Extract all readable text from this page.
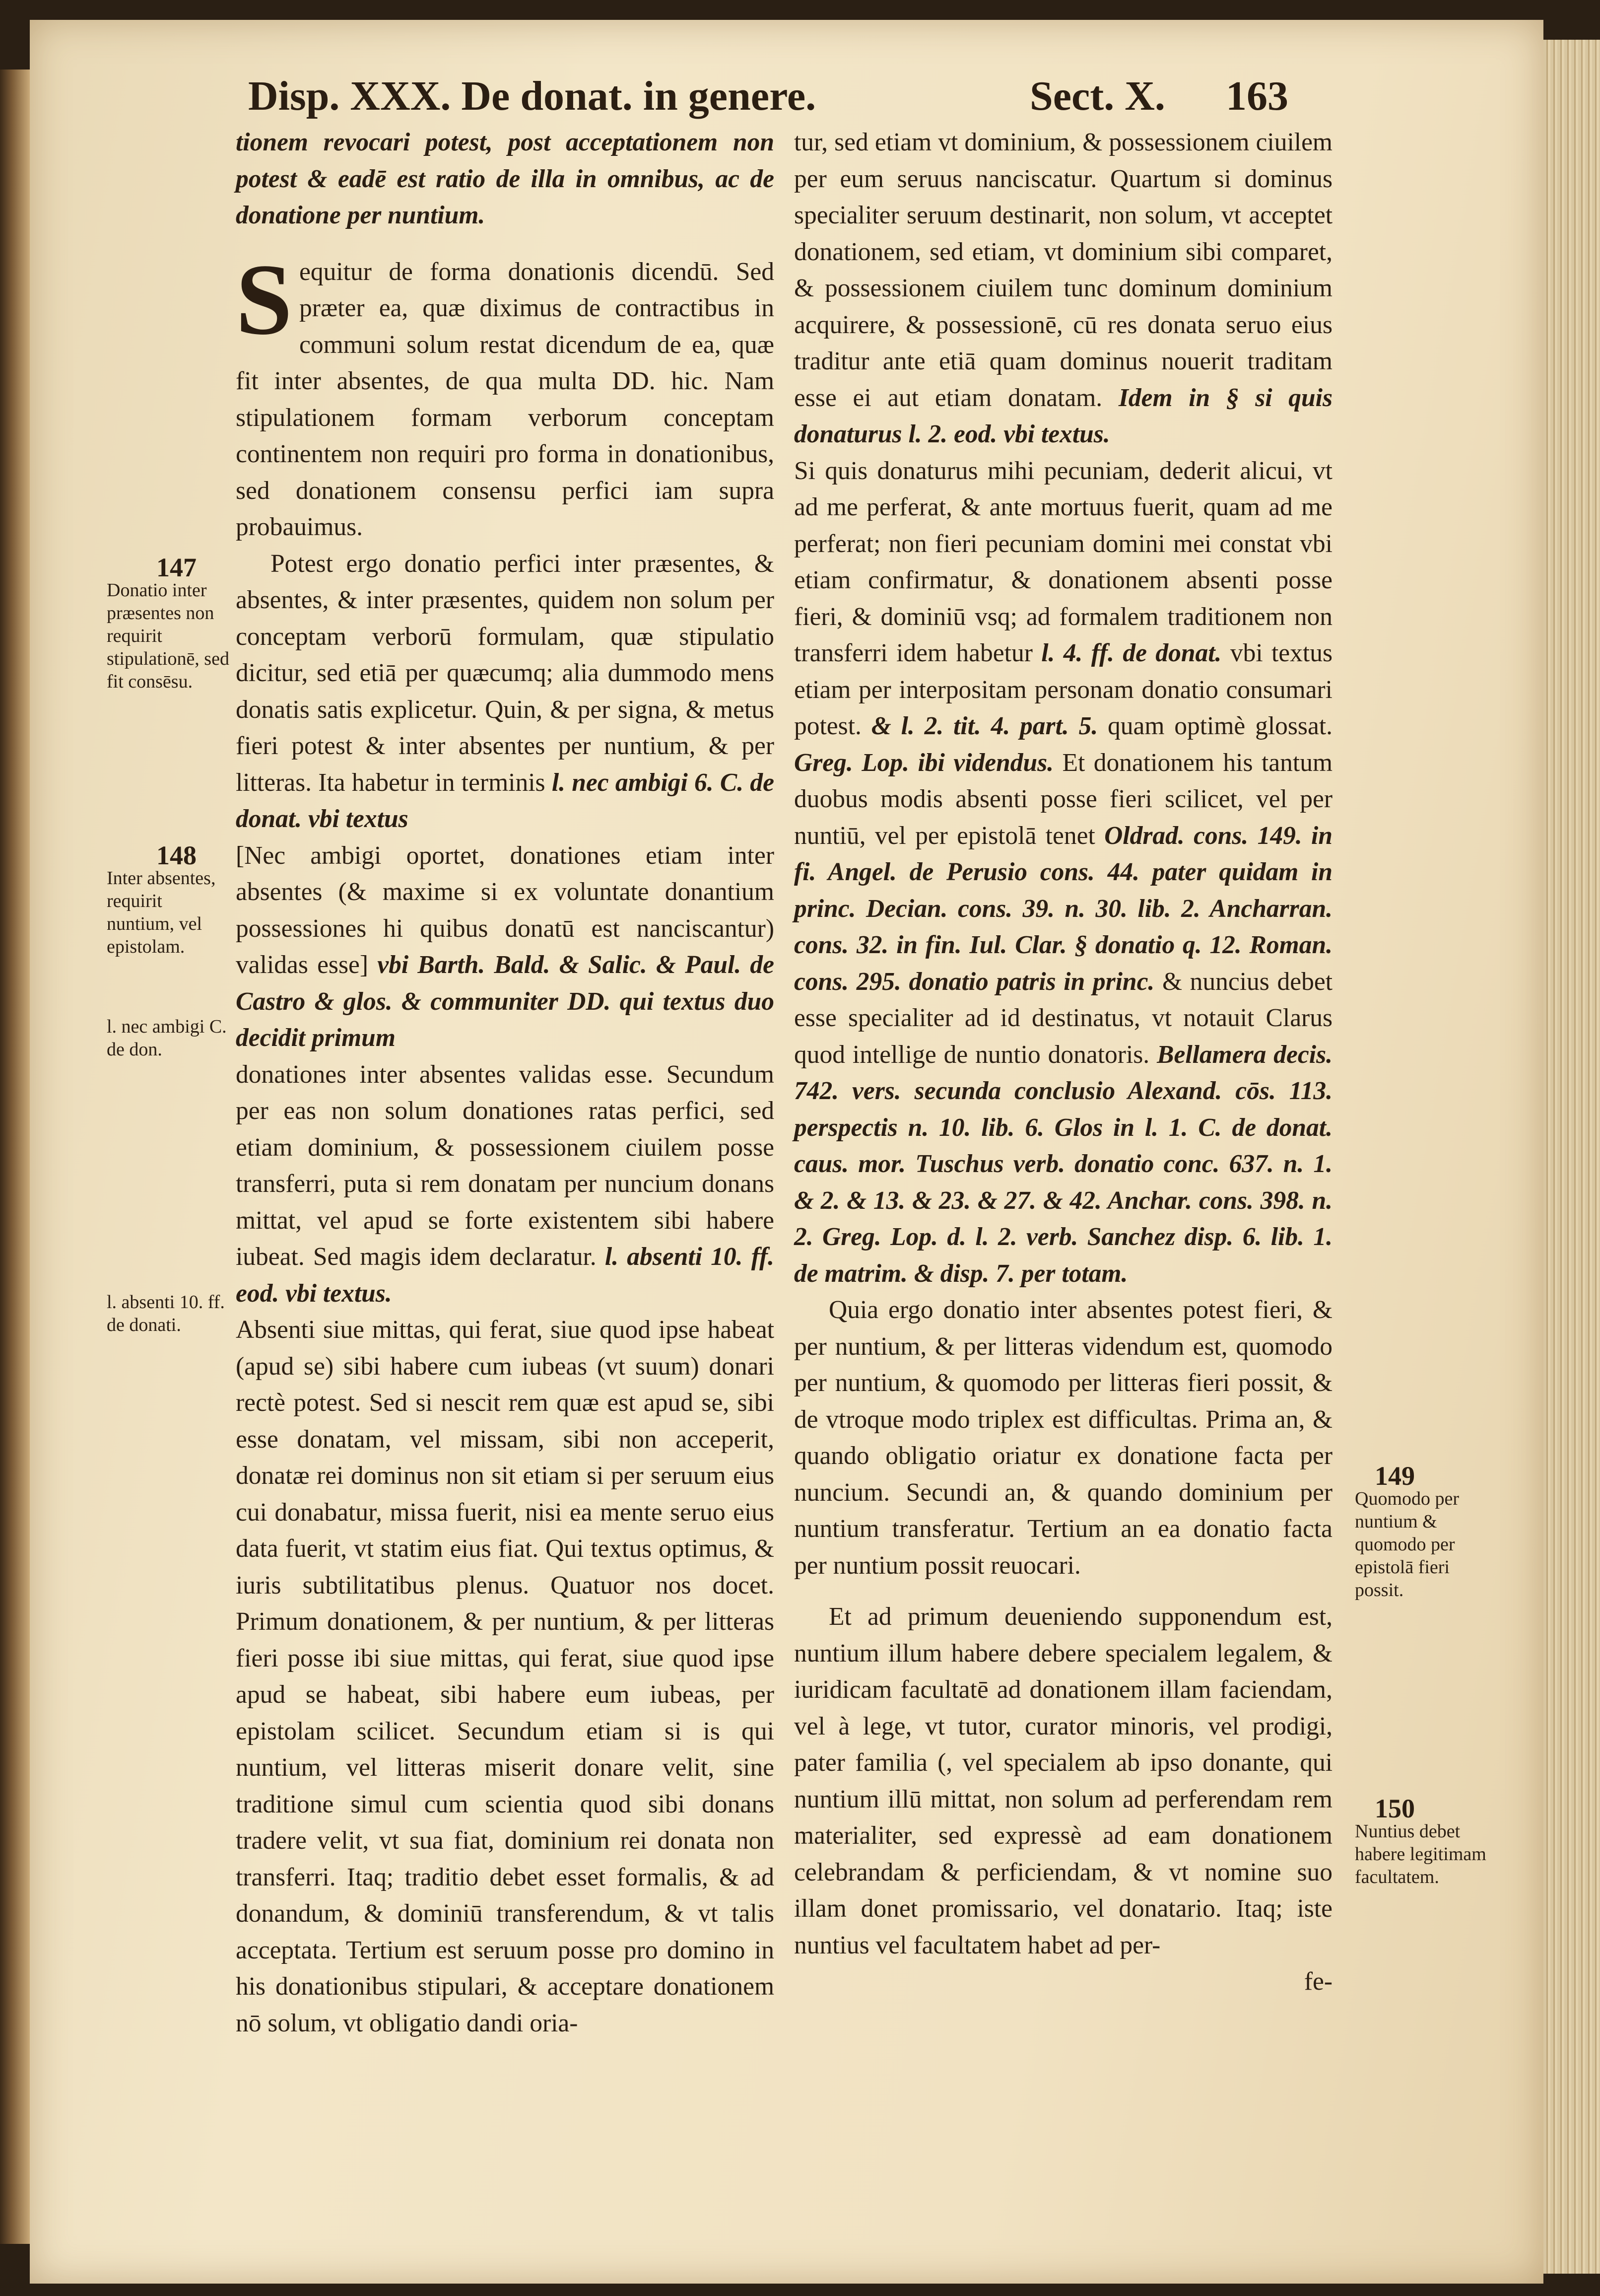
Disp. XXX. De donat. in genere.	Sect. X. 163

tionem revocari potest, post acceptationem non potest & eadē est ratio de illa in omnibus, ac de donatione per nuntium.

Sequitur de forma donationis dicendū. Sed præter ea, quæ diximus de contractibus in communi solum restat dicendum de ea, quæ fit inter absentes, de qua multa DD. hic. Nam stipulationem formam verborum conceptam continentem non requiri pro forma in donationibus, sed donationem consensu perfici iam supra probauimus.

Potest ergo donatio perfici inter præsentes, & absentes, & inter præsentes, quidem non solum per conceptam verborū formulam, quæ stipulatio dicitur, sed etiā per quæcumq; alia dummodo mens donatis satis explicetur. Quin, & per signa, & metus fieri potest & inter absentes per nuntium, & per litteras. Ita habetur in terminis l. nec ambigi 6. C. de donat. vbi textus

[Nec ambigi oportet, donationes etiam inter absentes (& maxime si ex voluntate donantium possessiones hi quibus donatū est nanciscantur) validas esse] vbi Barth. Bald. & Salic. & Paul. de Castro & glos. & communiter DD. qui textus duo decidit primum

donationes inter absentes validas esse. Secundum per eas non solum donationes ratas perfici, sed etiam dominium, & possessionem ciuilem posse transferri, puta si rem donatam per nuncium donans mittat, vel apud se forte existentem sibi habere iubeat. Sed magis idem declaratur. l. absenti 10. ff. eod. vbi textus.

Absenti siue mittas, qui ferat, siue quod ipse habeat (apud se) sibi habere cum iubeas (vt suum) donari rectè potest. Sed si nescit rem quæ est apud se, sibi esse donatam, vel missam, sibi non acceperit, donatæ rei dominus non sit etiam si per seruum eius cui donabatur, missa fuerit, nisi ea mente seruo eius data fuerit, vt statim eius fiat. Qui textus optimus, & iuris subtilitatibus plenus. Quatuor nos docet. Primum donationem, & per nuntium, & per litteras fieri posse ibi siue mittas, qui ferat, siue quod ipse apud se habeat, sibi habere eum iubeas, per epistolam scilicet. Secundum etiam si is qui nuntium, vel litteras miserit donare velit, sine traditione simul cum scientia quod sibi donans tradere velit, vt sua fiat, dominium rei donata non transferri. Itaq; traditio debet esset formalis, & ad donandum, & dominiū transferendum, & vt talis acceptata. Tertium est seruum posse pro domino in his donationibus stipulari, & acceptare donationem nō solum, vt obligatio dandi oria-

tur, sed etiam vt dominium, & possessionem ciuilem per eum seruus nanciscatur. Quartum si dominus specialiter seruum destinarit, non solum, vt acceptet donationem, sed etiam, vt dominium sibi comparet, & possessionem ciuilem tunc dominum dominium acquirere, & possessionē, cū res donata seruo eius traditur ante etiā quam dominus nouerit traditam esse ei aut etiam donatam. Idem in § si quis donaturus l. 2. eod. vbi textus.

Si quis donaturus mihi pecuniam, dederit alicui, vt ad me perferat, & ante mortuus fuerit, quam ad me perferat; non fieri pecuniam domini mei constat vbi etiam confirmatur, & donationem absenti posse fieri, & dominiū vsq; ad formalem traditionem non transferri idem habetur l. 4. ff. de donat. vbi textus etiam per interpositam personam donatio consumari potest. & l. 2. tit. 4. part. 5. quam optimè glossat. Greg. Lop. ibi videndus. Et donationem his tantum duobus modis absenti posse fieri scilicet, vel per nuntiū, vel per epistolā tenet Oldrad. cons. 149. in fi. Angel. de Perusio cons. 44. pater quidam in princ. Decian. cons. 39. n. 30. lib. 2. Ancharran. cons. 32. in fin. Iul. Clar. § donatio q. 12. Roman. cons. 295. donatio patris in princ. & nuncius debet esse specialiter ad id destinatus, vt notauit Clarus quod intellige de nuntio donatoris. Bellamera decis. 742. vers. secunda conclusio Alexand. cōs. 113. perspectis n. 10. lib. 6. Glos in l. 1. C. de donat. caus. mor. Tuschus verb. donatio conc. 637. n. 1. & 2. & 13. & 23. & 27. & 42. Anchar. cons. 398. n. 2. Greg. Lop. d. l. 2. verb. Sanchez disp. 6. lib. 1. de matrim. & disp. 7. per totam.

Quia ergo donatio inter absentes potest fieri, & per nuntium, & per litteras videndum est, quomodo per nuntium, & quomodo per litteras fieri possit, & de vtroque modo triplex est difficultas. Prima an, & quando obligatio oriatur ex donatione facta per nuncium. Secundi an, & quando dominium per nuntium transferatur. Tertium an ea donatio facta per nuntium possit reuocari.

Et ad primum deueniendo supponendum est, nuntium illum habere debere specialem legalem, & iuridicam facultatē ad donationem illam faciendam, vel à lege, vt tutor, curator minoris, vel prodigi, pater familia (, vel specialem ab ipso donante, qui nuntium illū mittat, non solum ad perferendam rem materialiter, sed expressè ad eam donationem celebrandam & perficiendam, & vt nomine suo illam donet promissario, vel donatario. Itaq; iste nuntius vel facultatem habet ad per-

fe-

147
Donatio inter præsentes non requirit stipulationē, sed fit consēsu.
148
Inter absentes, requirit nuntium, vel epistolam.
l. nec ambigi C. de don.
l. absenti 10. ff. de donati.
149
Quomodo per nuntium & quomodo per epistolā fieri possit.
150
Nuntius debet habere legitimam facultatem.
